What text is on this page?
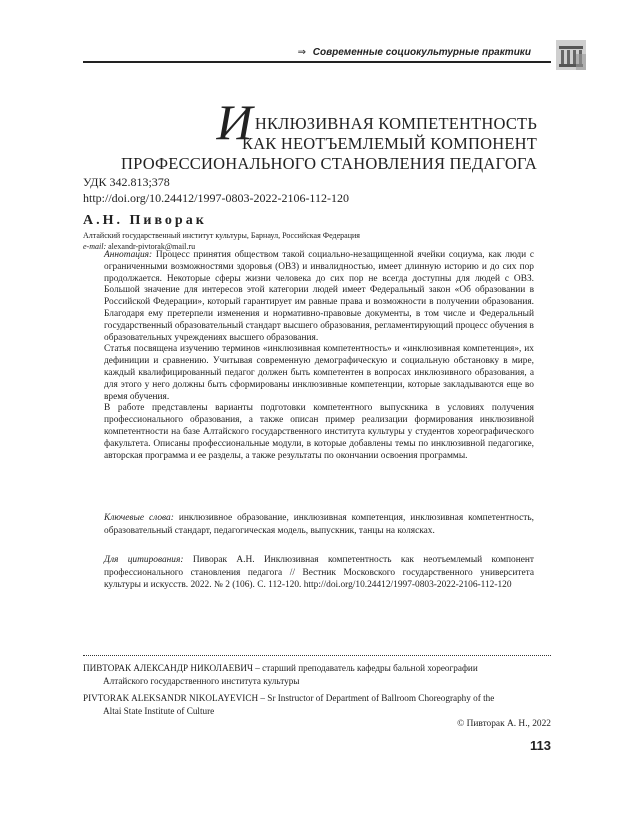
⇒ Современные социокультурные практики
ИНКЛЮЗИВНАЯ КОМПЕТЕНТНОСТЬ
КАК НЕОТЪЕМЛЕМЫЙ КОМПОНЕНТ
ПРОФЕССИОНАЛЬНОГО СТАНОВЛЕНИЯ ПЕДАГОГА
УДК 342.813;378
http://doi.org/10.24412/1997-0803-2022-2106-112-120
А.Н. Пиворак
Алтайский государственный институт культуры, Барнаул, Российская Федерация
e-mail: alexandr-pivtorak@mail.ru

Аннотация: Процесс принятия обществом такой социально-незащищенной ячейки социума, как люди с ограниченными возможностями здоровья (ОВЗ) и инвалидностью, имеет длинную историю и до сих пор продолжается. Некоторые сферы жизни человека до сих пор не всегда доступны для людей с ОВЗ. Большой значение для интересов этой категории людей имеет Федеральный закон «Об образовании в Российской Федерации», который гарантирует им равные права и возможности в получении образования. Благодаря ему претерпели изменения и нормативно-правовые документы, в том числе и Федеральный государственный образовательный стандарт высшего образования, регламентирующий процесс обучения в образовательных учреждениях высшего образования.

Статья посвящена изучению терминов «инклюзивная компетентность» и «инклюзивная компетенция», их дефиниции и сравнению. Учитывая современную демографическую и социальную обстановку в мире, каждый квалифицированный педагог должен быть компетентен в вопросах инклюзивного образования, а для этого у него должны быть сформированы инклюзивные компетенции, которые закладываются еще во время обучения.

В работе представлены варианты подготовки компетентного выпускника в условиях получения профессионального образования, а также описан пример реализации формирования инклюзивной компетентности на базе Алтайского государственного института культуры у студентов хореографического факультета. Описаны профессиональные модули, в которые добавлены темы по инклюзивной педагогике, авторская программа и ее разделы, а также результаты по окончании освоения программы.

Ключевые слова: инклюзивное образование, инклюзивная компетенция, инклюзивная компетентность, образовательный стандарт, педагогическая модель, выпускник, танцы на колясках.
Для цитирования: Пиворак А.Н. Инклюзивная компетентность как неотъемлемый компонент профессионального становления педагога // Вестник Московского государственного университета культуры и искусств. 2022. № 2 (106). С. 112-120. http://doi.org/10.24412/1997-0803-2022-2106-112-120
ПИВТОРАК АЛЕКСАНДР НИКОЛАЕВИЧ – старший преподаватель кафедры бальной хореографии
Алтайского государственного института культуры
PIVTORAK ALEKSANDR NIKOLAYEVICH – Sr Instructor of Department of Ballroom Choreography of the
Altai State Institute of Culture
© Пивторак А. Н., 2022
113
